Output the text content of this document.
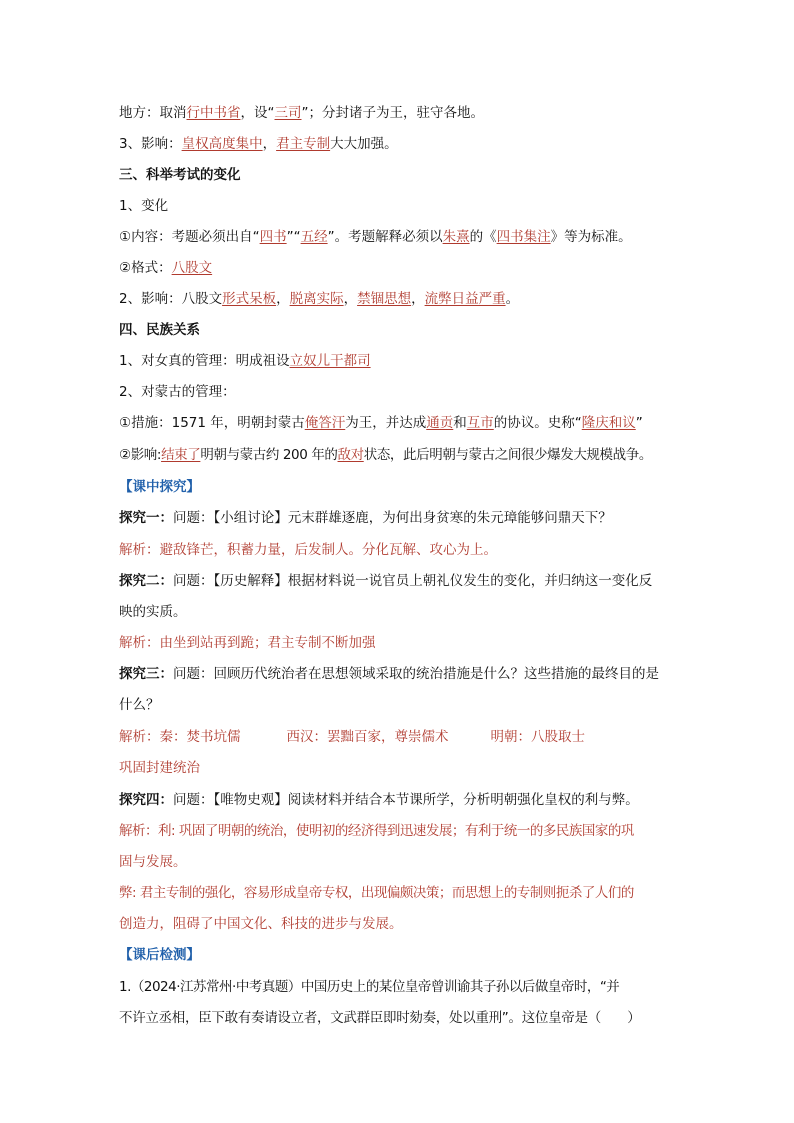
地方：取消行中书省，设“三司”；分封诸子为王，驻守各地。
3、影响：皇权高度集中，君主专制大大加强。
三、科举考试的变化
1、变化
①内容：考题必须出自“四书”“五经”。考题解释必须以朱熹的《四书集注》等为标准。
②格式：八股文
2、影响：八股文形式呆板，脱离实际，禁锢思想，流弊日益严重。
四、民族关系
1、对女真的管理：明成祖设立奴儿干都司
2、对蒙古的管理：
①措施：1571 年，明朝封蒙古俺答汗为王，并达成通贡和互市的协议。史称“隆庆和议”
②影响:结束了明朝与蒙古约 200 年的敌对状态，此后明朝与蒙古之间很少爆发大规模战争。
【课中探究】
探究一：问题：【小组讨论】元末群雄逐鹿，为何出身贫寒的朱元璋能够问鼎天下？
解析：避敌锋芒，积蓄力量，后发制人。分化瓦解、攻心为上。
探究二：问题：【历史解释】根据材料说一说官员上朝礼仪发生的变化，并归纳这一变化反
映的实质。
解析：由坐到站再到跪；君主专制不断加强
探究三：问题：回顾历代统治者在思想领域采取的统治措施是什么？这些措施的最终目的是
什么？
解析：秦：焚书坑儒	西汉：罢黜百家，尊崇儒术	明朝：八股取士
巩固封建统治
探究四：问题：【唯物史观】阅读材料并结合本节课所学，分析明朝强化皇权的利与弊。
解析：利: 巩固了明朝的统治，使明初的经济得到迅速发展；有利于统一的多民族国家的巩
固与发展。
弊: 君主专制的强化，容易形成皇帝专权，出现偏颇决策；而思想上的专制则扼杀了人们的
创造力，阻碍了中国文化、科技的进步与发展。
【课后检测】
1.（2024·江苏常州·中考真题）中国历史上的某位皇帝曾训谕其子孙以后做皇帝时，“并
不许立丞相，臣下敢有奏请设立者，文武群臣即时劾奏，处以重刑”。这位皇帝是（　　）
